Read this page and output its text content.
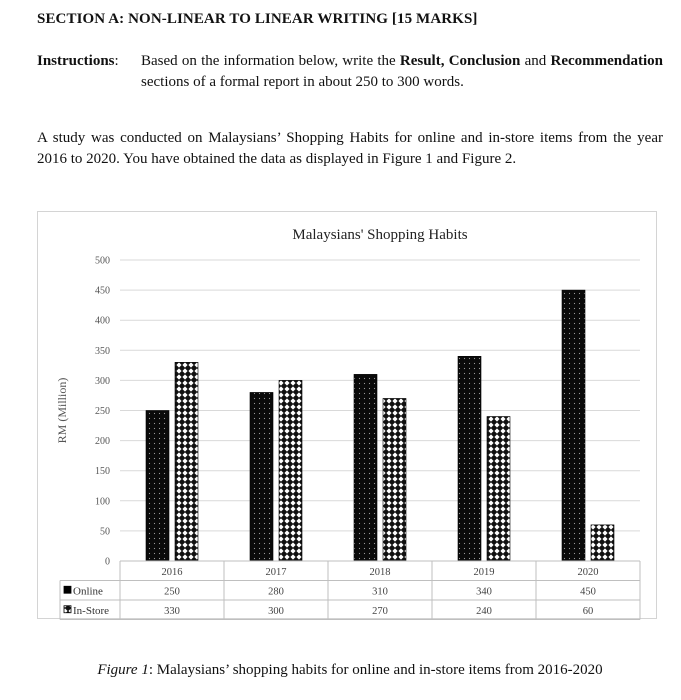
SECTION A: NON-LINEAR TO LINEAR WRITING [15 MARKS]
Instructions: Based on the information below, write the Result, Conclusion and Recommendation sections of a formal report in about 250 to 300 words.
A study was conducted on Malaysians’ Shopping Habits for online and in-store items from the year 2016 to 2020. You have obtained the data as displayed in Figure 1 and Figure 2.
Malaysians' Shopping Habits
0
50
100
150
200
250
300
350
400
450
500
RM (Million)
2016	2017	2018	2019	2020
Online	250	280	310	340	450
In-Store	330	300	270	240	60
Figure 1: Malaysians’ shopping habits for online and in-store items from 2016-2020
